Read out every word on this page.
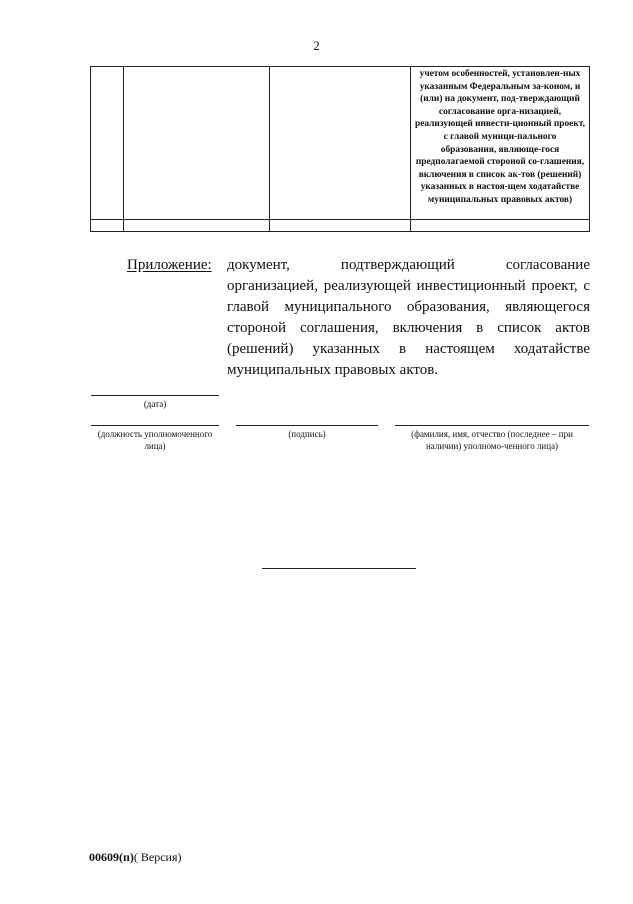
2

			учетом особенностей, установлен-ных указанным Федеральным за-коном, и (или) на документ, под-тверждающий согласование орга-низацией, реализующей инвести-ционный проект, с главой муници-пального образования, являюще-гося предполагаемой стороной со-глашения, включения в список ак-тов (решений) указанных в настоя-щем ходатайстве муниципальных правовых актов)

Приложение: документ, подтверждающий согласование организацией, реализующей инвестиционный проект, с главой муниципального образования, являющегося стороной соглашения, включения в список актов (решений) указанных в настоящем ходатайстве муниципальных правовых актов.
(дата)
(должность уполномоченного лица)
(подпись)	(фамилия, имя, отчество (последнее – при наличии) уполномо-ченного лица)
00609(п)( Версия)
